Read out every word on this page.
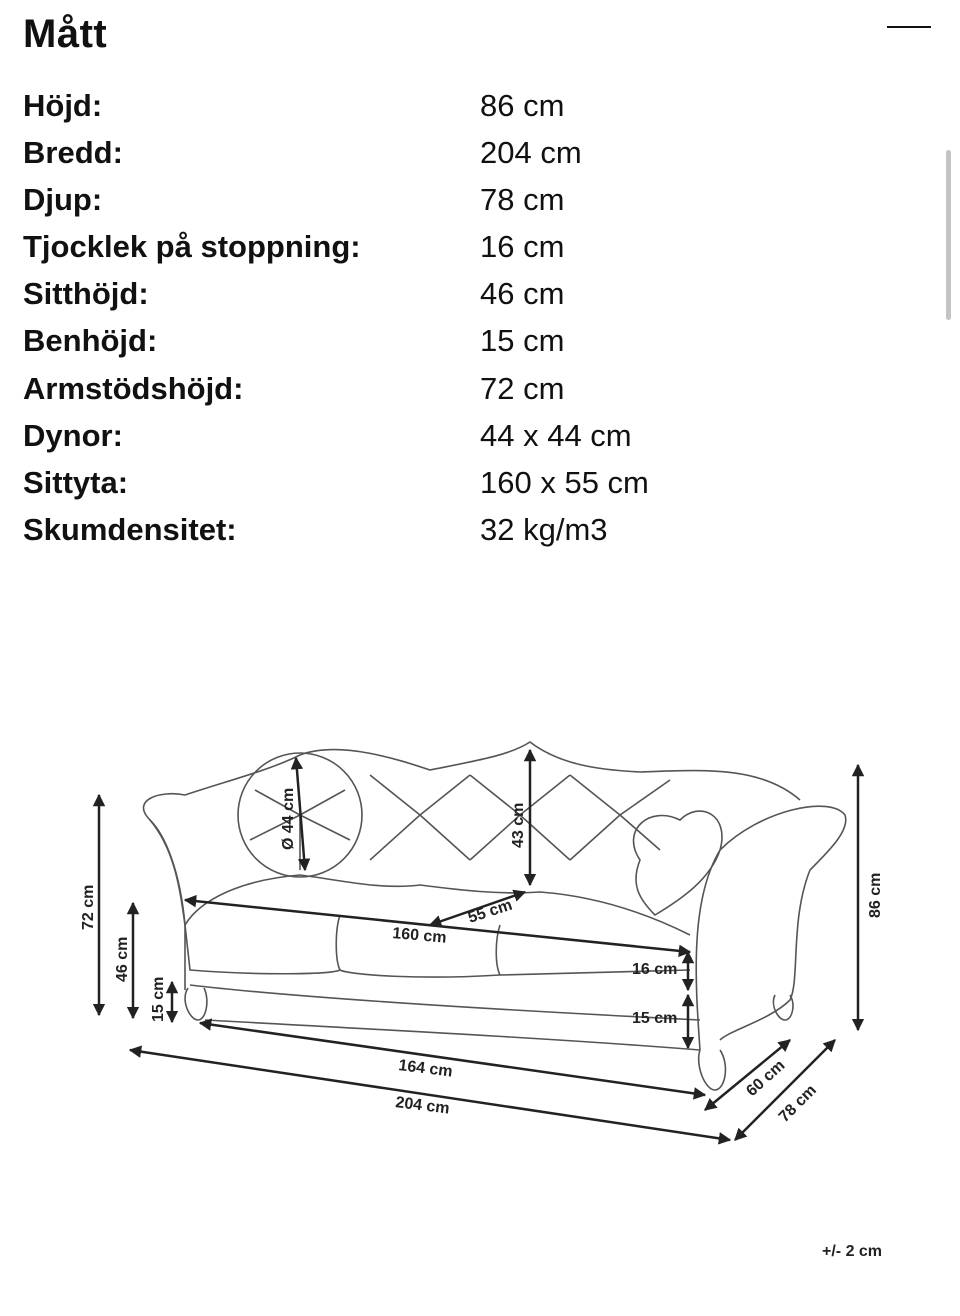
Mått
Höjd:	86 cm
Bredd:	204 cm
Djup:	78 cm
Tjocklek på stoppning:	16 cm
Sitthöjd:	46 cm
Benhöjd:	15 cm
Armstödshöjd:	72 cm
Dynor:	44 x 44 cm
Sittyta:	160 x 55 cm
Skumdensitet:	32 kg/m3
72 cm
46 cm
15 cm
Ø 44 cm	43 cm
55 cm
160 cm
16 cm
15 cm
86 cm
164 cm
204 cm
60 cm
78 cm
+/- 2 cm
